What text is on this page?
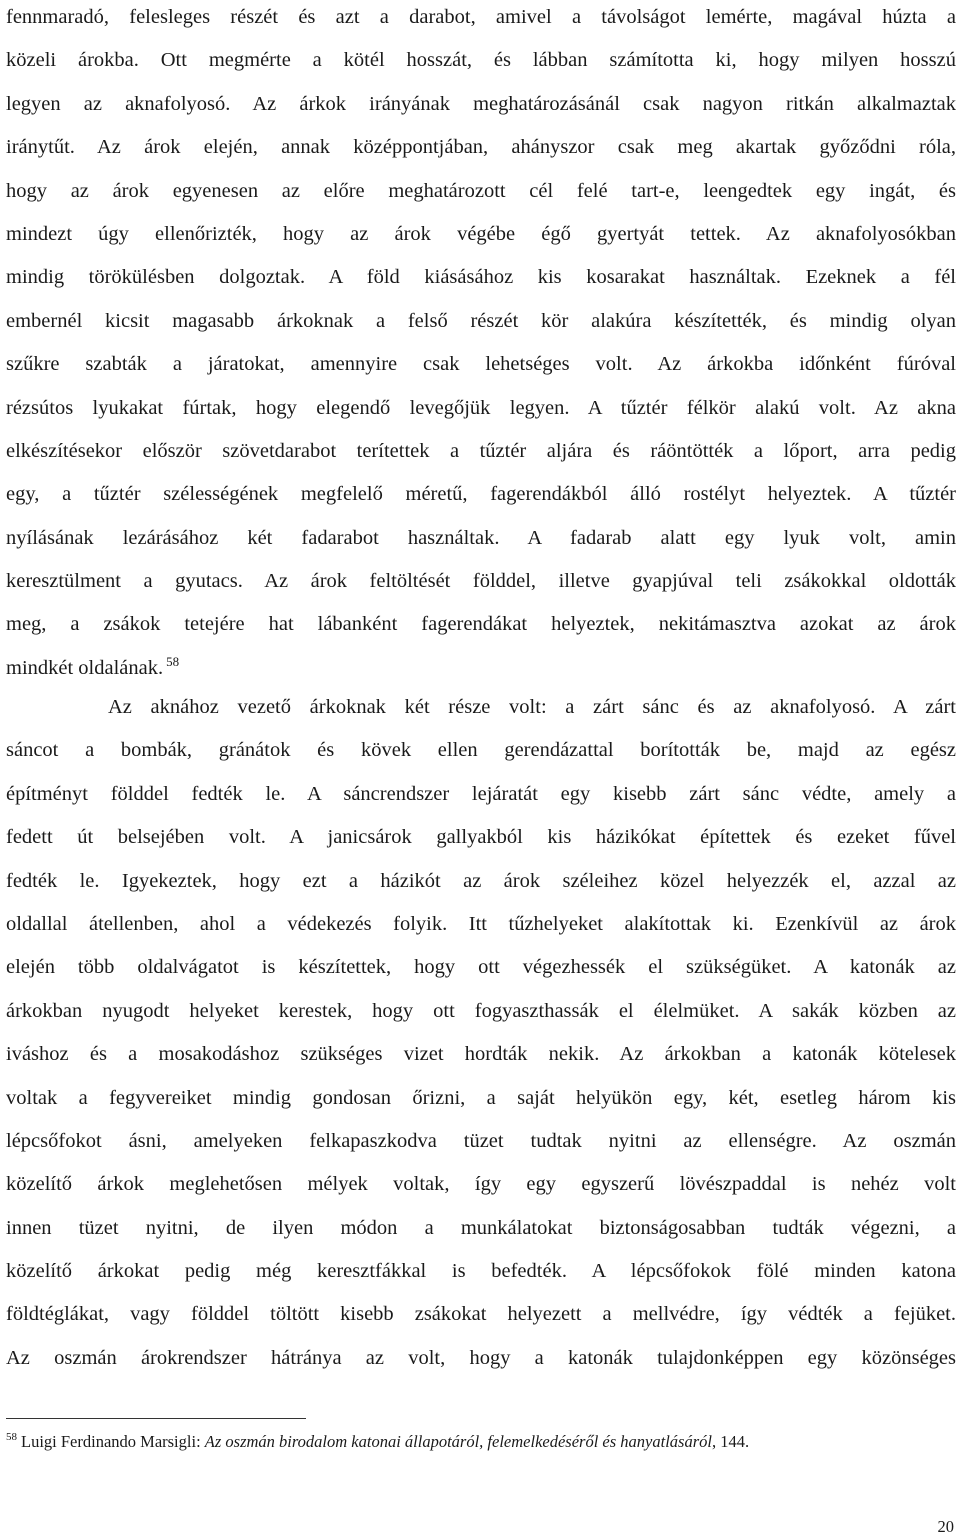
fennmaradó, felesleges részét és azt a darabot, amivel a távolságot lemérte, magával húzta a
közeli árokba. Ott megmérte a kötél hosszát, és lábban számította ki, hogy milyen hosszú
legyen az aknafolyosó. Az árkok irányának meghatározásánál csak nagyon ritkán alkalmaztak
iránytűt. Az árok elején, annak középpontjában, ahányszor csak meg akartak győződni róla,
hogy az árok egyenesen az előre meghatározott cél felé tart-e, leengedtek egy ingát, és
mindezt úgy ellenőrizték, hogy az árok végébe égő gyertyát tettek. Az aknafolyosókban
mindig törökülésben dolgoztak. A föld kiásásához kis kosarakat használtak. Ezeknek a fél
embernél kicsit magasabb árkoknak a felső részét kör alakúra készítették, és mindig olyan
szűkre szabták a járatokat, amennyire csak lehetséges volt. Az árkokba időnként fúróval
rézsútos lyukakat fúrtak, hogy elegendő levegőjük legyen. A tűztér félkör alakú volt. Az akna
elkészítésekor először szövetdarabot terítettek a tűztér aljára és ráöntötték a lőport, arra pedig
egy, a tűztér szélességének megfelelő méretű, fagerendákból álló rostélyt helyeztek. A tűztér
nyílásának lezárásához két fadarabot használtak. A fadarab alatt egy lyuk volt, amin
keresztülment a gyutacs. Az árok feltöltését földdel, illetve gyapjúval teli zsákokkal oldották
meg, a zsákok tetejére hat lábanként fagerendákat helyeztek, nekitámasztva azokat az árok
mindkét oldalának. $^{58}$
Az aknához vezető árkoknak két része volt: a zárt sánc és az aknafolyosó. A zárt
sáncot a bombák, gránátok és kövek ellen gerendázattal borították be, majd az egész
építményt földdel fedték le. A sáncrendszer lejáratát egy kisebb zárt sánc védte, amely a
fedett út belsejében volt. A janicsárok gallyakból kis házikókat építettek és ezeket fűvel
fedték le. Igyekeztek, hogy ezt a házikót az árok széleihez közel helyezzék el, azzal az
oldallal átellenben, ahol a védekezés folyik. Itt tűzhelyeket alakítottak ki. Ezenkívül az árok
elején több oldalvágatot is készítettek, hogy ott végezhessék el szükségüket. A katonák az
árkokban nyugodt helyeket kerestek, hogy ott fogyaszthassák el élelmüket. A sakák közben az
iváshoz és a mosakodáshoz szükséges vizet hordták nekik. Az árkokban a katonák kötelesek
voltak a fegyvereiket mindig gondosan őrizni, a saját helyükön egy, két, esetleg három kis
lépcsőfokot ásni, amelyeken felkapaszkodva tüzet tudtak nyitni az ellenségre. Az oszmán
közelítő árkok meglehetősen mélyek voltak, így egy egyszerű lövészpaddal is nehéz volt
innen tüzet nyitni, de ilyen módon a munkálatokat biztonságosabban tudták végezni, a
közelítő árkokat pedig még keresztfákkal is befedték. A lépcsőfokok fölé minden katona
földtéglákat, vagy földdel töltött kisebb zsákokat helyezett a mellvédre, így védték a fejüket.
Az oszmán árokrendszer hátránya az volt, hogy a katonák tulajdonképpen egy közönséges
$^{58}$ Luigi Ferdinando Marsigli: Az oszmán birodalom katonai állapotáról, felemelkedéséről és hanyatlásáról, 144.
20
